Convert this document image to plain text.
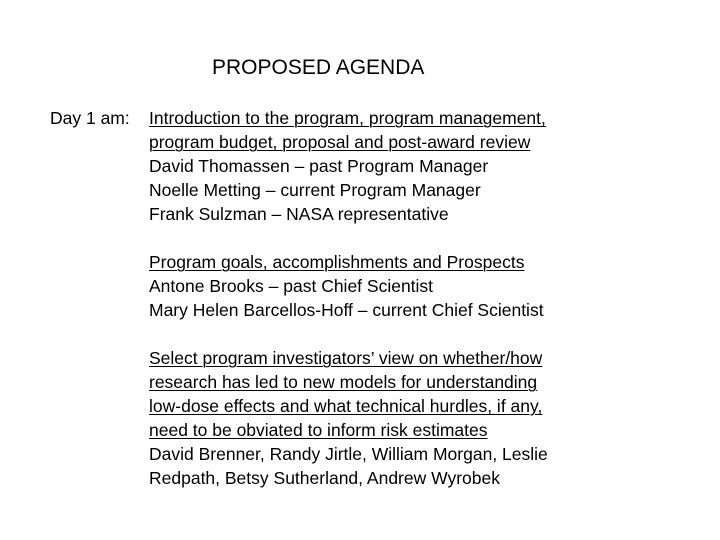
PROPOSED AGENDA
Day 1 am: Introduction to the program, program management,
program budget, proposal and post-award review
David Thomassen – past Program Manager
Noelle Metting – current Program Manager
Frank Sulzman – NASA representative
Program goals, accomplishments and Prospects
Antone Brooks – past Chief Scientist
Mary Helen Barcellos-Hoff – current Chief Scientist
Select program investigators’ view on whether/how
research has led to new models for understanding
low-dose effects and what technical hurdles, if any,
need to be obviated to inform risk estimates
David Brenner, Randy Jirtle, William Morgan, Leslie
Redpath, Betsy Sutherland, Andrew Wyrobek
